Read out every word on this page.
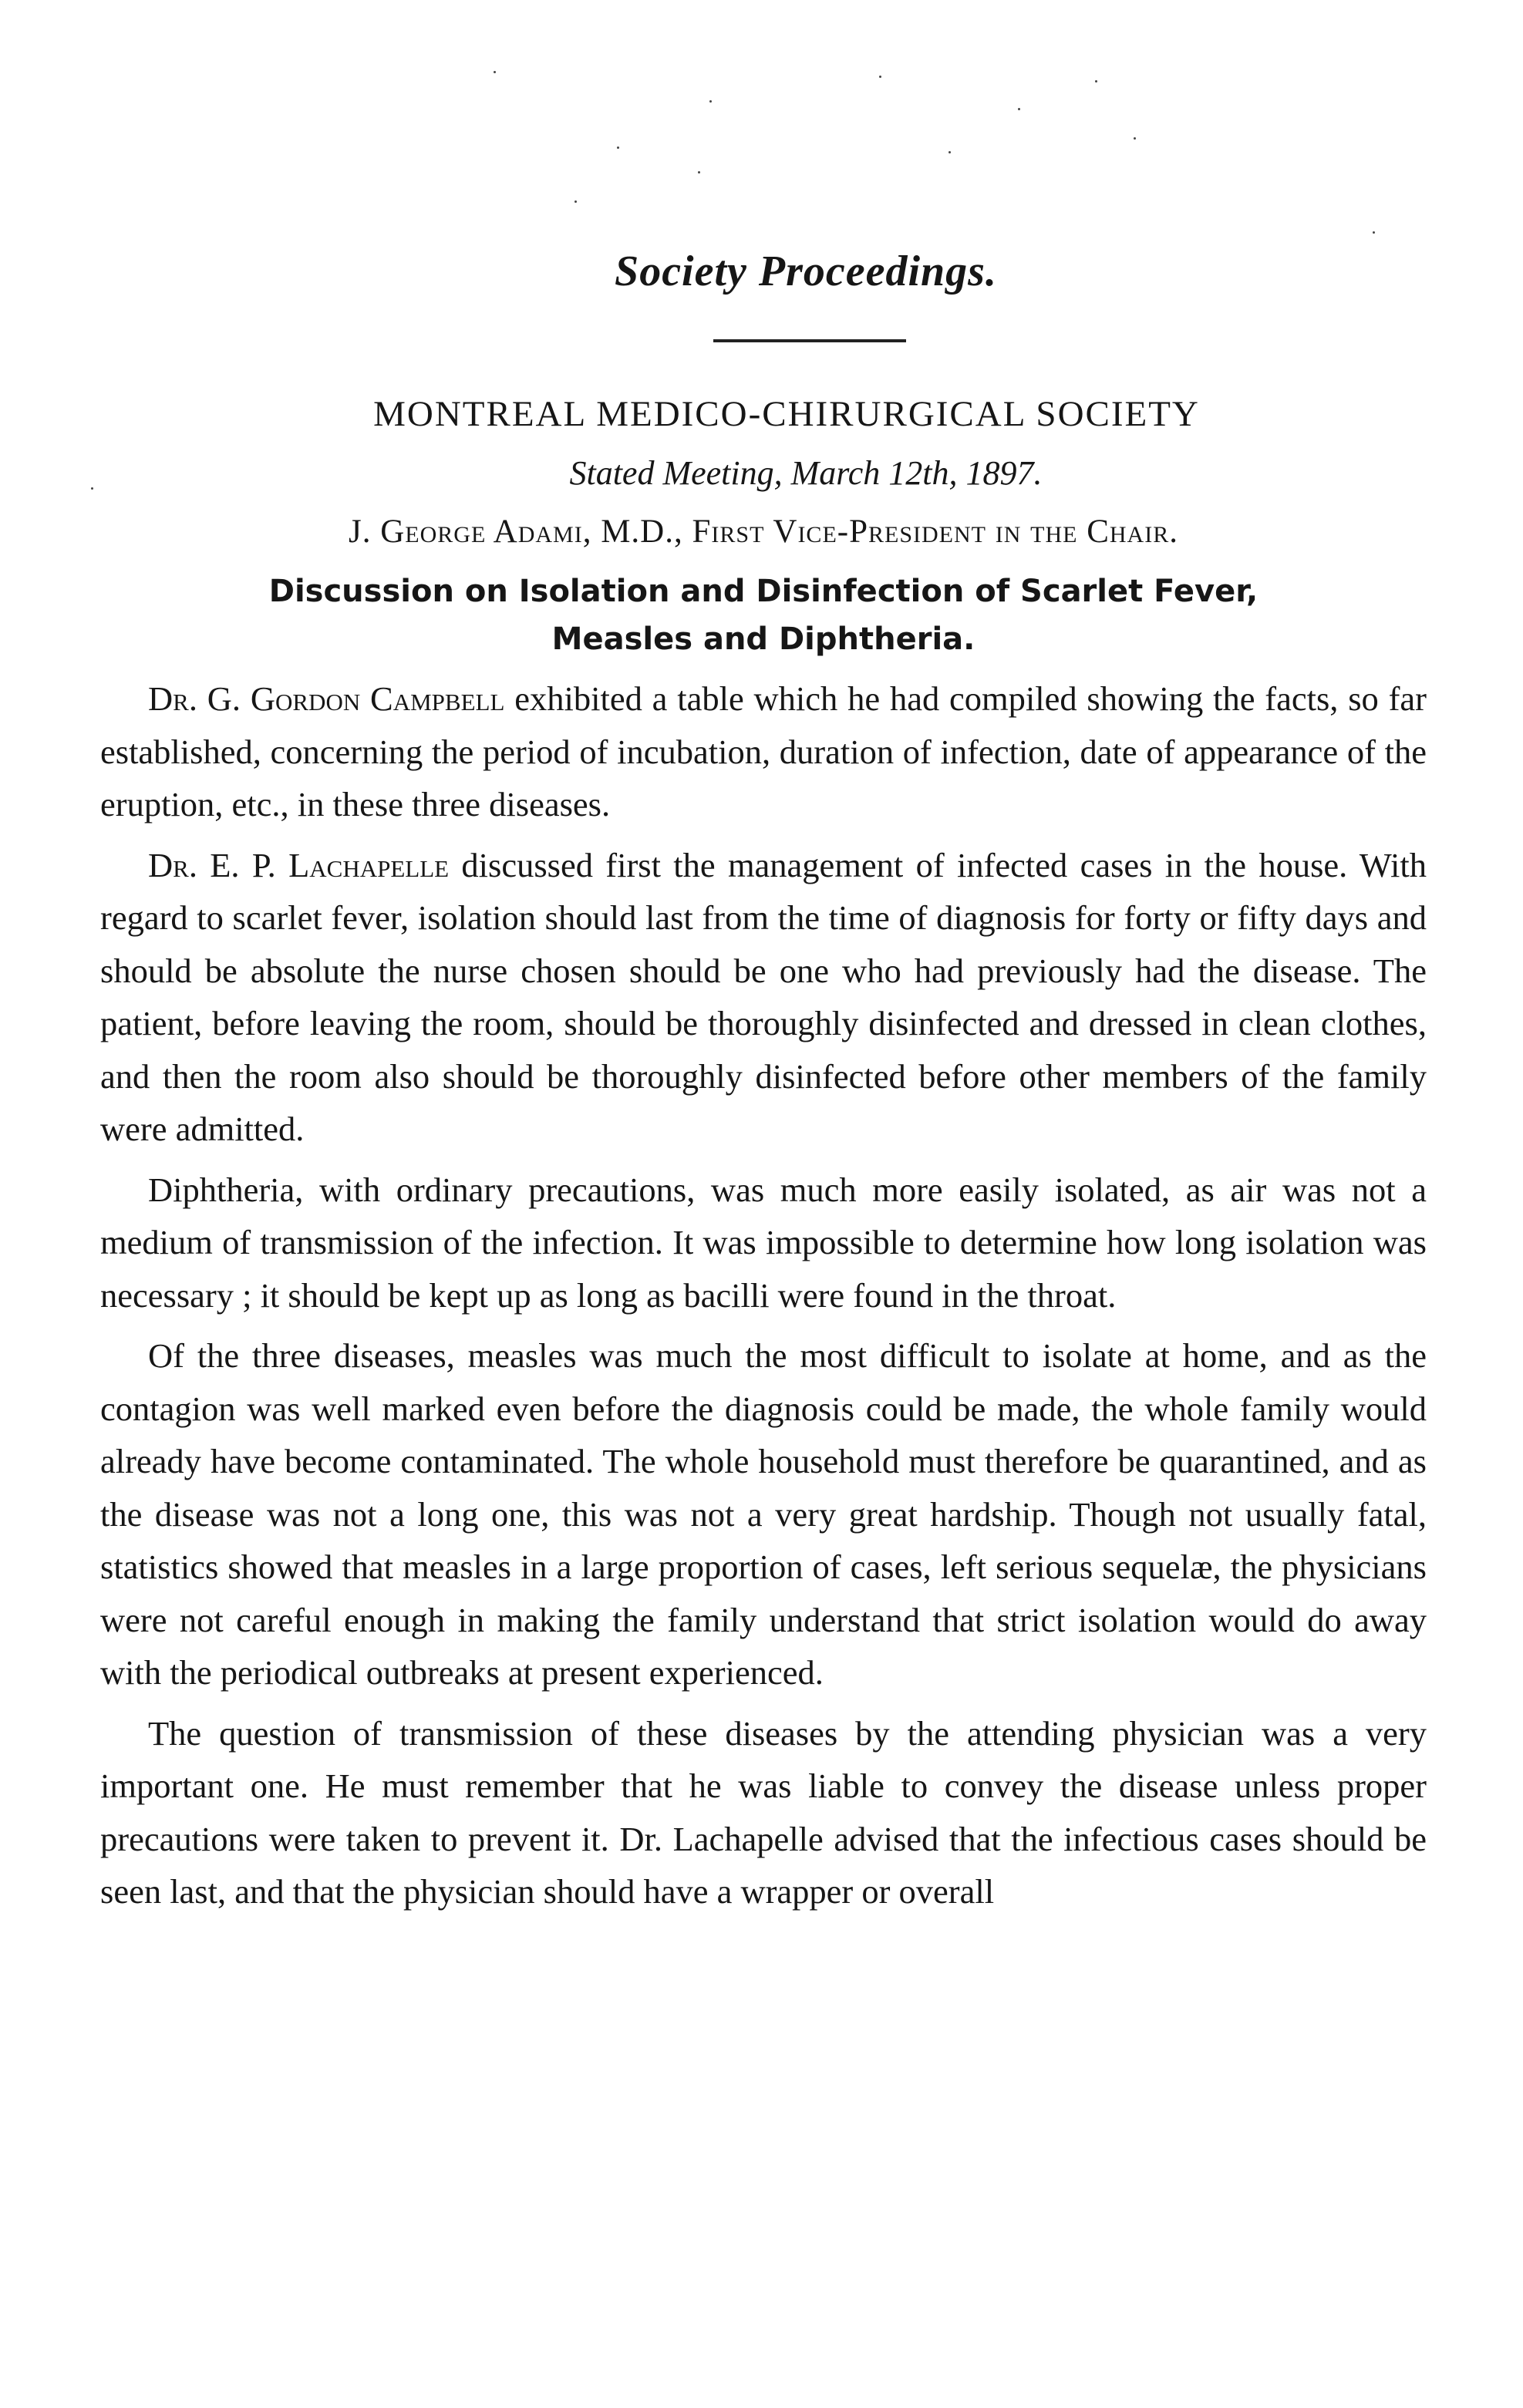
Society Proceedings.
MONTREAL MEDICO-CHIRURGICAL SOCIETY
Stated Meeting, March 12th, 1897.
J. George Adami, M.D., First Vice-President in the Chair.
Discussion on Isolation and Disinfection of Scarlet Fever,
Measles and Diphtheria.

Dr. G. Gordon Campbell exhibited a table which he had compiled showing the facts, so far established, concerning the period of incubation, duration of infection, date of appearance of the eruption, etc., in these three diseases.

Dr. E. P. Lachapelle discussed first the management of infected cases in the house. With regard to scarlet fever, isolation should last from the time of diagnosis for forty or fifty days and should be absolute the nurse chosen should be one who had previously had the disease. The patient, before leaving the room, should be thoroughly disinfected and dressed in clean clothes, and then the room also should be thoroughly disinfected before other members of the family were admitted.

Diphtheria, with ordinary precautions, was much more easily isolated, as air was not a medium of transmission of the infection. It was impossible to determine how long isolation was necessary ; it should be kept up as long as bacilli were found in the throat.

Of the three diseases, measles was much the most difficult to isolate at home, and as the contagion was well marked even before the diagnosis could be made, the whole family would already have become contaminated. The whole household must therefore be quarantined, and as the disease was not a long one, this was not a very great hardship. Though not usually fatal, statistics showed that measles in a large proportion of cases, left serious sequelæ, the physicians were not careful enough in making the family understand that strict isolation would do away with the periodical outbreaks at present experienced.

The question of transmission of these diseases by the attending physician was a very important one. He must remember that he was liable to convey the disease unless proper precautions were taken to prevent it. Dr. Lachapelle advised that the infectious cases should be seen last, and that the physician should have a wrapper or overall
